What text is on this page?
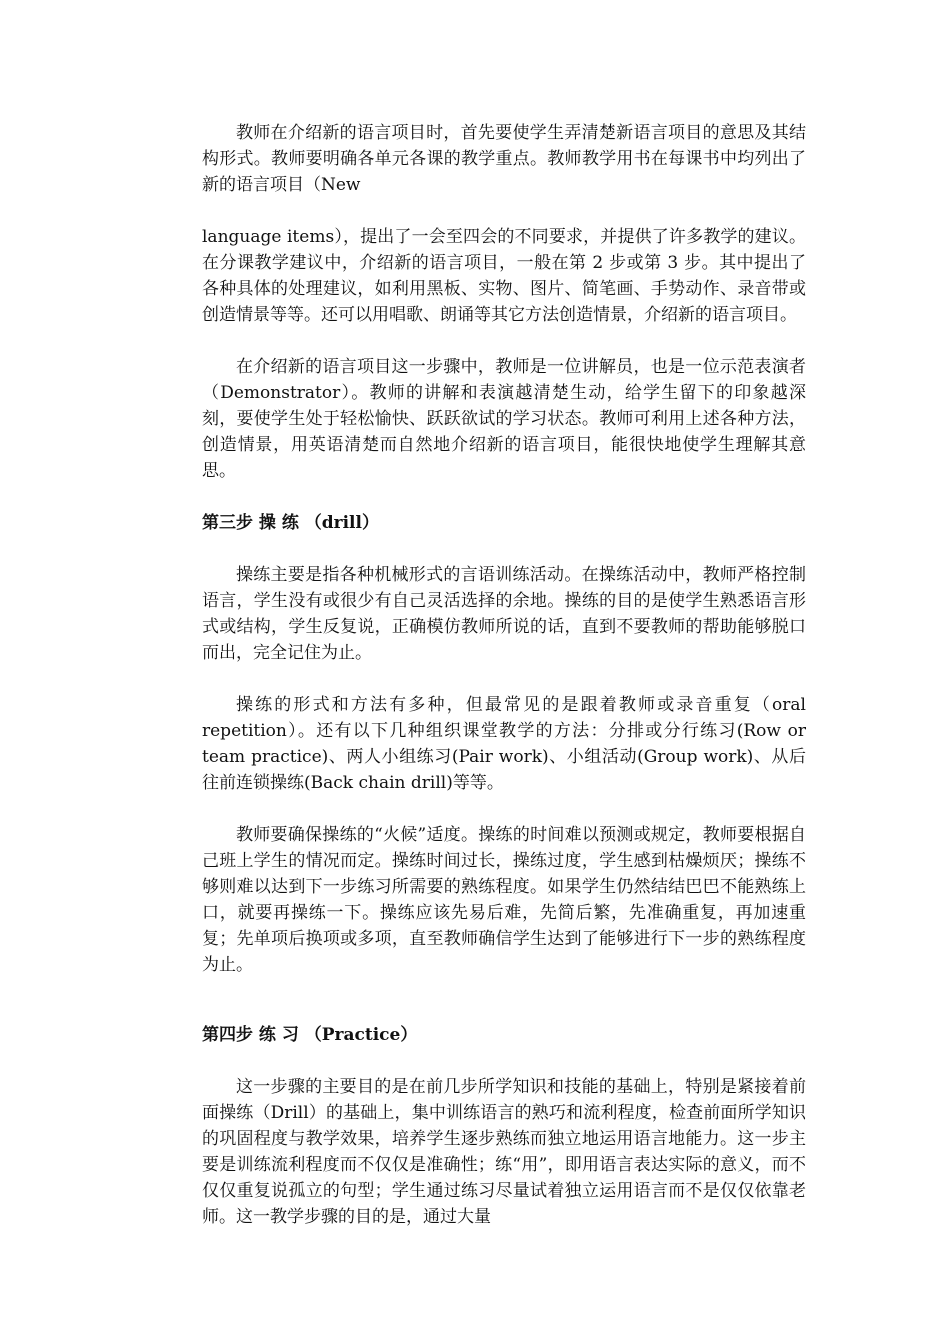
教师在介绍新的语言项目时，首先要使学生弄清楚新语言项目的意思及其结构形式。教师要明确各单元各课的教学重点。教师教学用书在每课书中均列出了新的语言项目（New

language items），提出了一会至四会的不同要求，并提供了许多教学的建议。在分课教学建议中，介绍新的语言项目，一般在第 2 步或第 3 步。其中提出了各种具体的处理建议，如利用黑板、实物、图片、简笔画、手势动作、录音带或创造情景等等。还可以用唱歌、朗诵等其它方法创造情景，介绍新的语言项目。

在介绍新的语言项目这一步骤中，教师是一位讲解员，也是一位示范表演者（Demonstrator）。教师的讲解和表演越清楚生动，给学生留下的印象越深刻，要使学生处于轻松愉快、跃跃欲试的学习状态。教师可利用上述各种方法，创造情景，用英语清楚而自然地介绍新的语言项目，能很快地使学生理解其意思。

第三步 操 练 （drill）

操练主要是指各种机械形式的言语训练活动。在操练活动中，教师严格控制语言，学生没有或很少有自己灵活选择的余地。操练的目的是使学生熟悉语言形式或结构，学生反复说，正确模仿教师所说的话，直到不要教师的帮助能够脱口而出，完全记住为止。

操练的形式和方法有多种，但最常见的是跟着教师或录音重复（oral repetition）。还有以下几种组织课堂教学的方法：分排或分行练习(Row or team practice)、两人小组练习(Pair work)、小组活动(Group work)、从后往前连锁操练(Back chain drill)等等。

教师要确保操练的“火候”适度。操练的时间难以预测或规定，教师要根据自己班上学生的情况而定。操练时间过长，操练过度，学生感到枯燥烦厌；操练不够则难以达到下一步练习所需要的熟练程度。如果学生仍然结结巴巴不能熟练上口，就要再操练一下。操练应该先易后难，先简后繁，先准确重复，再加速重复；先单项后换项或多项，直至教师确信学生达到了能够进行下一步的熟练程度为止。

第四步 练 习 （Practice）

这一步骤的主要目的是在前几步所学知识和技能的基础上，特别是紧接着前面操练（Drill）的基础上，集中训练语言的熟巧和流利程度，检查前面所学知识的巩固程度与教学效果，培养学生逐步熟练而独立地运用语言地能力。这一步主要是训练流利程度而不仅仅是准确性；练“用”，即用语言表达实际的意义，而不仅仅重复说孤立的句型；学生通过练习尽量试着独立运用语言而不是仅仅依靠老师。这一教学步骤的目的是，通过大量
